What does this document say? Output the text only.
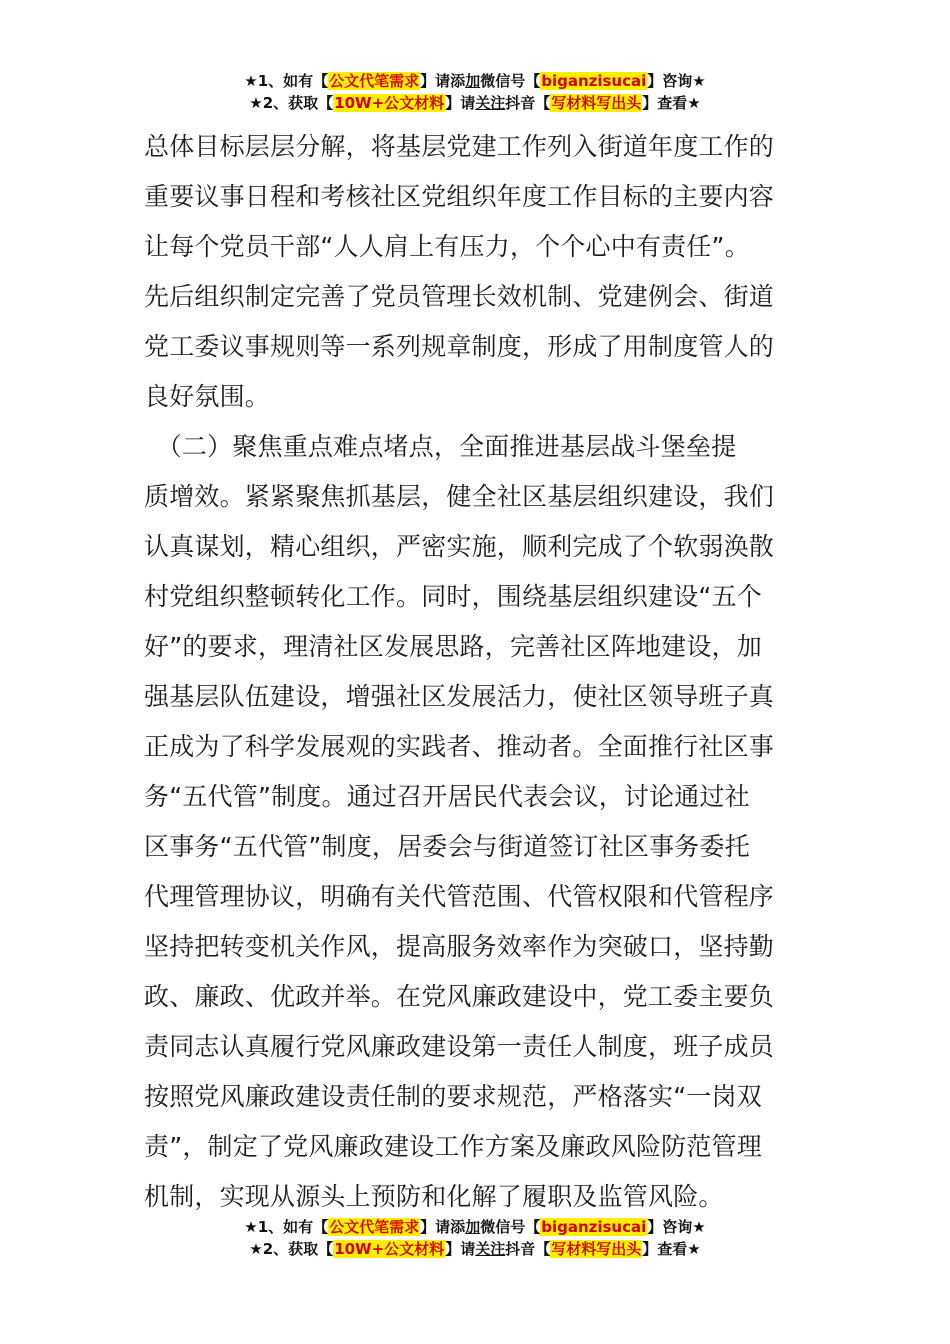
★1、如有【公文代笔需求】请添加微信号【biganzisucai】咨询★
★2、获取【10W+公文材料】请关注抖音【写材料写出头】查看★
总体目标层层分解，将基层党建工作列入街道年度工作的
重要议事日程和考核社区党组织年度工作目标的主要内容
让每个党员干部“人人肩上有压力，个个心中有责任”。
先后组织制定完善了党员管理长效机制、党建例会、街道
党工委议事规则等一系列规章制度，形成了用制度管人的
良好氛围。
　（二）聚焦重点难点堵点，全面推进基层战斗堡垒提
质增效。紧紧聚焦抓基层，健全社区基层组织建设，我们
认真谋划，精心组织，严密实施，顺利完成了个软弱涣散
村党组织整顿转化工作。同时，围绕基层组织建设“五个
好”的要求，理清社区发展思路，完善社区阵地建设，加
强基层队伍建设，增强社区发展活力，使社区领导班子真
正成为了科学发展观的实践者、推动者。全面推行社区事
务“五代管”制度。通过召开居民代表会议，讨论通过社
区事务“五代管”制度，居委会与街道签订社区事务委托
代理管理协议，明确有关代管范围、代管权限和代管程序
坚持把转变机关作风，提高服务效率作为突破口，坚持勤
政、廉政、优政并举。在党风廉政建设中，党工委主要负
责同志认真履行党风廉政建设第一责任人制度，班子成员
按照党风廉政建设责任制的要求规范，严格落实“一岗双
责”，制定了党风廉政建设工作方案及廉政风险防范管理
机制，实现从源头上预防和化解了履职及监管风险。
★1、如有【公文代笔需求】请添加微信号【biganzisucai】咨询★
★2、获取【10W+公文材料】请关注抖音【写材料写出头】查看★
